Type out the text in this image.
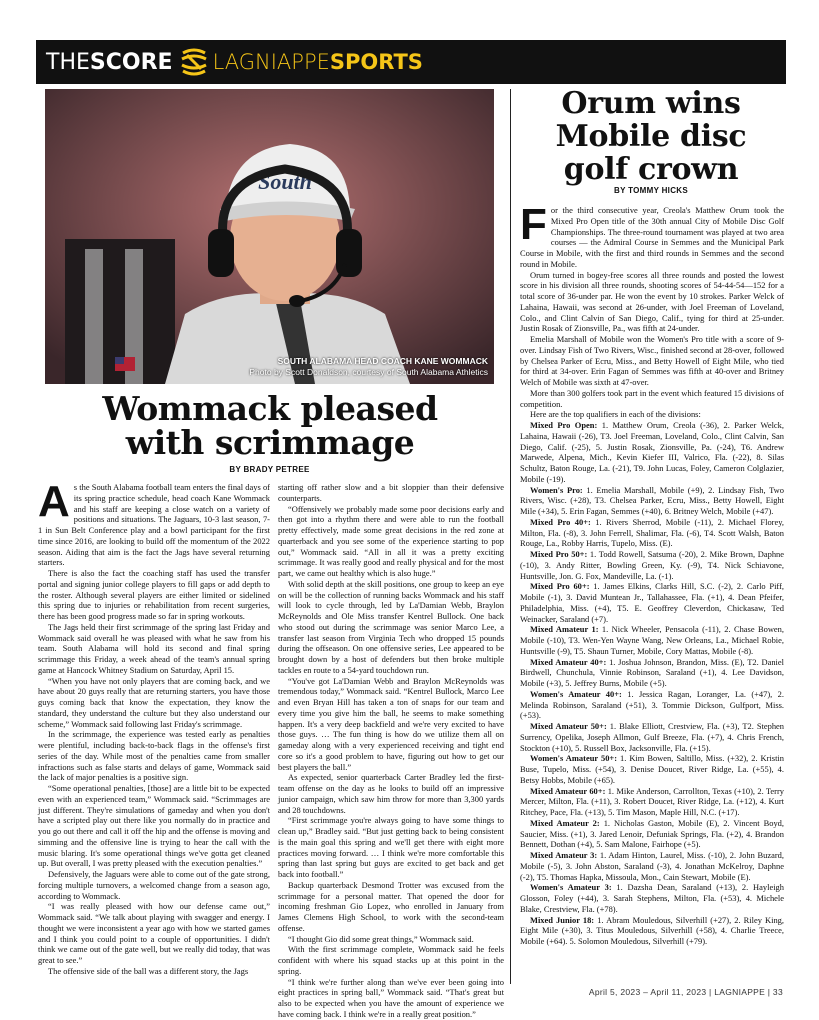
THESCORE LAGNIAPPESPORTS
South
SOUTH ALABAMA HEAD COACH KANE WOMMACK
Photo by Scott Donaldson, courtesy of South Alabama Athletics
Wommack pleased with scrimmage
BY BRADY PETREE

As the South Alabama football team enters the final days of its spring practice schedule, head coach Kane Wommack and his staff are keeping a close watch on a variety of positions and situations. The Jaguars, 10-3 last season, 7-1 in Sun Belt Conference play and a bowl participant for the first time since 2016, are looking to build off the momentum of the 2022 season. Aiding that aim is the fact the Jags have several returning starters.

There is also the fact the coaching staff has used the transfer portal and signing junior college players to fill gaps or add depth to the roster. Although several players are either limited or sidelined this spring due to injuries or rehabilitation from recent surgeries, there has been good progress made so far in spring workouts.

The Jags held their first scrimmage of the spring last Friday and Wommack said overall he was pleased with what he saw from his team. South Alabama will hold its second and final spring scrimmage this Friday, a week ahead of the team's annual spring game at Hancock Whitney Stadium on Saturday, April 15.

“When you have not only players that are coming back, and we have about 20 guys really that are returning starters, you have those guys coming back that know the expectation, they know the standard, they understand the culture but they also understand our scheme,” Wommack said following last Friday's scrimmage.

In the scrimmage, the experience was tested early as penalties were plentiful, including back-to-back flags in the offense's first series of the day. While most of the penalties came from smaller infractions such as false starts and delays of game, Wommack said the lack of major penalties is a positive sign.

“Some operational penalties, [those] are a little bit to be expected even with an experienced team,” Wommack said. “Scrimmages are just different. They're simulations of gameday and when you don't have a scripted play out there like you normally do in practice and you go out there and call it off the hip and the offense is moving and simming and the offensive line is trying to hear the call with the music blaring. It's some operational things we've gotta get cleaned up. But overall, I was pretty pleased with the execution penalties.”

Defensively, the Jaguars were able to come out of the gate strong, forcing multiple turnovers, a welcomed change from a season ago, according to Wommack.

“I was really pleased with how our defense came out,” Wommack said. “We talk about playing with swagger and energy. I thought we were inconsistent a year ago with how we started games and I think you could point to a couple of opportunities. I didn't think we came out of the gate well, but we really did today, that was great to see.”

The offensive side of the ball was a different story, the Jags

starting off rather slow and a bit sloppier than their defensive counterparts.

“Offensively we probably made some poor decisions early and then got into a rhythm there and were able to run the football pretty effectively, made some great decisions in the red zone at quarterback and you see some of the experience starting to pop out,” Wommack said. “All in all it was a pretty exciting scrimmage. It was really good and really physical and for the most part, we came out healthy which is also huge.”

With solid depth at the skill positions, one group to keep an eye on will be the collection of running backs Wommack and his staff will look to cycle through, led by La'Damian Webb, Braylon McReynolds and Ole Miss transfer Kentrel Bullock. One back who stood out during the scrimmage was senior Marco Lee, a transfer last season from Virginia Tech who dropped 15 pounds during the offseason. On one offensive series, Lee appeared to be brought down by a host of defenders but then broke multiple tackles en route to a 54-yard touchdown run.

“You've got La'Damian Webb and Braylon McReynolds was tremendous today,” Wommack said. “Kentrel Bullock, Marco Lee and even Bryan Hill has taken a ton of snaps for our team and every time you give him the ball, he seems to make something happen. It's a very deep backfield and we're very excited to have those guys. … The fun thing is how do we utilize them all on gameday along with a very experienced receiving and tight end core so it's a good problem to have, figuring out how to get our best players the ball.”

As expected, senior quarterback Carter Bradley led the first-team offense on the day as he looks to build off an impressive junior campaign, which saw him throw for more than 3,300 yards and 28 touchdowns.

“First scrimmage you're always going to have some things to clean up,” Bradley said. “But just getting back to being consistent is the main goal this spring and we'll get there with eight more practices moving forward. … I think we're more comfortable this spring than last spring but guys are excited to get back and get back into football.”

Backup quarterback Desmond Trotter was excused from the scrimmage for a personal matter. That opened the door for incoming freshman Gio Lopez, who enrolled in January from James Clemens High School, to work with the second-team offense.

“I thought Gio did some great things,” Wommack said.

With the first scrimmage complete, Wommack said he feels confident with where his squad stacks up at this point in the spring.

“I think we're further along than we've ever been going into eight practices in spring ball,” Wommack said. “That's great but also to be expected when you have the amount of experience we have coming back. I think we're in a really great position.”

Orum wins Mobile disc golf crown
BY TOMMY HICKS

For the third consecutive year, Creola's Matthew Orum took the Mixed Pro Open title of the 30th annual City of Mobile Disc Golf Championships. The three-round tournament was played at two area courses — the Admiral Course in Semmes and the Municipal Park Course in Mobile, with the first and third rounds in Semmes and the second round in Mobile.

Orum turned in bogey-free scores all three rounds and posted the lowest score in his division all three rounds, shooting scores of 54-44-54—152 for a total score of 36-under par. He won the event by 10 strokes. Parker Welck of Lahaina, Hawaii, was second at 26-under, with Joel Freeman of Loveland, Colo., and Clint Calvin of San Diego, Calif., tying for third at 25-under. Justin Rosak of Zionsville, Pa., was fifth at 24-under.

Emelia Marshall of Mobile won the Women's Pro title with a score of 9-over. Lindsay Fish of Two Rivers, Wisc., finished second at 28-over, followed by Chelsea Parker of Ecru, Miss., and Betty Howell of Eight Mile, who tied for third at 34-over. Erin Fagan of Semmes was fifth at 40-over and Britney Welch of Mobile was sixth at 47-over.

More than 300 golfers took part in the event which featured 15 divisions of competition.

Here are the top qualifiers in each of the divisions:

Mixed Pro Open: 1. Matthew Orum, Creola (-36), 2. Parker Welck, Lahaina, Hawaii (-26), T3. Joel Freeman, Loveland, Colo., Clint Calvin, San Diego, Calif. (-25), 5. Justin Rosak, Zionsville, Pa. (-24), T6. Andrew Marwede, Alpena, Mich., Kevin Kiefer III, Valrico, Fla. (-22), 8. Silas Schultz, Baton Rouge, La. (-21), T9. John Lucas, Foley, Cameron Colglazier, Mobile (-19).

Women's Pro: 1. Emelia Marshall, Mobile (+9), 2. Lindsay Fish, Two Rivers, Wisc. (+28), T3. Chelsea Parker, Ecru, Miss., Betty Howell, Eight Mile (+34), 5. Erin Fagan, Semmes (+40), 6. Britney Welch, Mobile (+47).

Mixed Pro 40+: 1. Rivers Sherrod, Mobile (-11), 2. Michael Florey, Milton, Fla. (-8), 3. John Ferrell, Shalimar, Fla. (-6), T4. Scott Walsh, Baton Rouge, La., Robby Harris, Tupelo, Miss. (E).

Mixed Pro 50+: 1. Todd Rowell, Satsuma (-20), 2. Mike Brown, Daphne (-10), 3. Andy Ritter, Bowling Green, Ky. (-9), T4. Nick Schiavone, Huntsville, Jon. G. Fox, Mandeville, La. (-1).

Mixed Pro 60+: 1. James Elkins, Clarks Hill, S.C. (-2), 2. Carlo Piff, Mobile (-1), 3. David Muntean Jr., Tallahassee, Fla. (+1), 4. Dean Pfeifer, Philadelphia, Miss. (+4), T5. E. Geoffrey Cleverdon, Chickasaw, Ted Weinacker, Saraland (+7).

Mixed Amateur 1: 1. Nick Wheeler, Pensacola (-11), 2. Chase Bowen, Mobile (-10), T3. Wen-Yen Wayne Wang, New Orleans, La., Michael Robie, Huntsville (-9), T5. Shaun Turner, Mobile, Cory Mattas, Mobile (-8).

Mixed Amateur 40+: 1. Joshua Johnson, Brandon, Miss. (E), T2. Daniel Birdwell, Chunchula, Vinnie Robinson, Saraland (+1), 4. Lee Davidson, Mobile (+3), 5. Jeffrey Burns, Mobile (+5).

Women's Amateur 40+: 1. Jessica Ragan, Loranger, La. (+47), 2. Melinda Robinson, Saraland (+51), 3. Tommie Dickson, Gulfport, Miss. (+53).

Mixed Amateur 50+: 1. Blake Elliott, Crestview, Fla. (+3), T2. Stephen Surrency, Opelika, Joseph Allmon, Gulf Breeze, Fla. (+7), 4. Chris French, Stockton (+10), 5. Russell Box, Jacksonville, Fla. (+15).

Women's Amateur 50+: 1. Kim Bowen, Saltillo, Miss. (+32), 2. Kristin Buse, Tupelo, Miss. (+54), 3. Denise Doucet, River Ridge, La. (+55), 4. Betsy Hobbs, Mobile (+65).

Mixed Amateur 60+: 1. Mike Anderson, Carrollton, Texas (+10), 2. Terry Mercer, Milton, Fla. (+11), 3. Robert Doucet, River Ridge, La. (+12), 4. Kurt Ritchey, Pace, Fla. (+13), 5. Tim Mason, Maple Hill, N.C. (+17).

Mixed Amateur 2: 1. Nicholas Gaston, Mobile (E), 2. Vincent Boyd, Saucier, Miss. (+1), 3. Jared Lenoir, Defuniak Springs, Fla. (+2), 4. Brandon Bennett, Dothan (+4), 5. Sam Malone, Fairhope (+5).

Mixed Amateur 3: 1. Adam Hinton, Laurel, Miss. (-10), 2. John Buzard, Mobile (-5), 3. John Abston, Saraland (-3), 4. Jonathan McKelroy, Daphne (-2), T5. Thomas Hapka, Missoula, Mon., Cain Stewart, Mobile (E).

Women's Amateur 3: 1. Dazsha Dean, Saraland (+13), 2. Hayleigh Glosson, Foley (+44), 3. Sarah Stephens, Milton, Fla. (+53), 4. Michele Blake, Crestview, Fla. (+78).

Mixed Junior 18: 1. Abram Mouledous, Silverhill (+27), 2. Riley King, Eight Mile (+30), 3. Titus Mouledous, Silverhill (+58), 4. Charlie Treece, Mobile (+64). 5. Solomon Mouledous, Silverhill (+79).

April 5, 2023 – April 11, 2023 | LAGNIAPPE | 33
